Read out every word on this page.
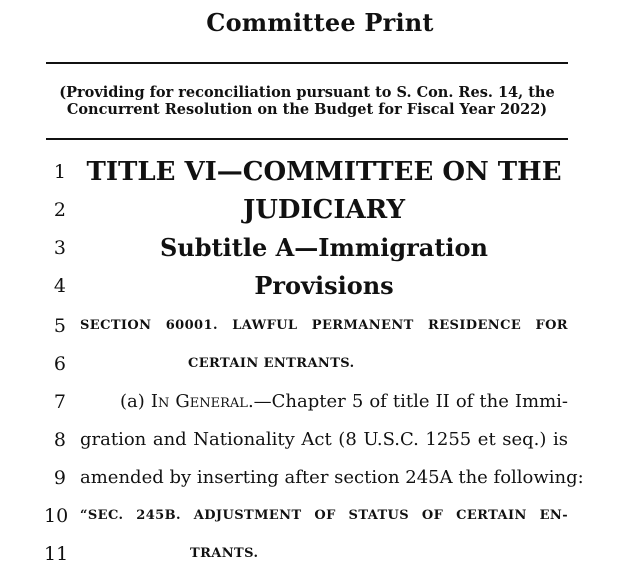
Committee Print
(Providing for reconciliation pursuant to S. Con. Res. 14, the
Concurrent Resolution on the Budget for Fiscal Year 2022)
1 TITLE VI—COMMITTEE ON THE
2	JUDICIARY
3	Subtitle A—Immigration
4	Provisions
5 SECTION 60001. LAWFUL PERMANENT RESIDENCE FOR
6	CERTAIN ENTRANTS.
7	(a) In General.—Chapter 5 of title II of the Immi-
8 gration and Nationality Act (8 U.S.C. 1255 et seq.) is
9 amended by inserting after section 245A the following:
10 “SEC. 245B. ADJUSTMENT OF STATUS OF CERTAIN EN-
11	TRANTS.
